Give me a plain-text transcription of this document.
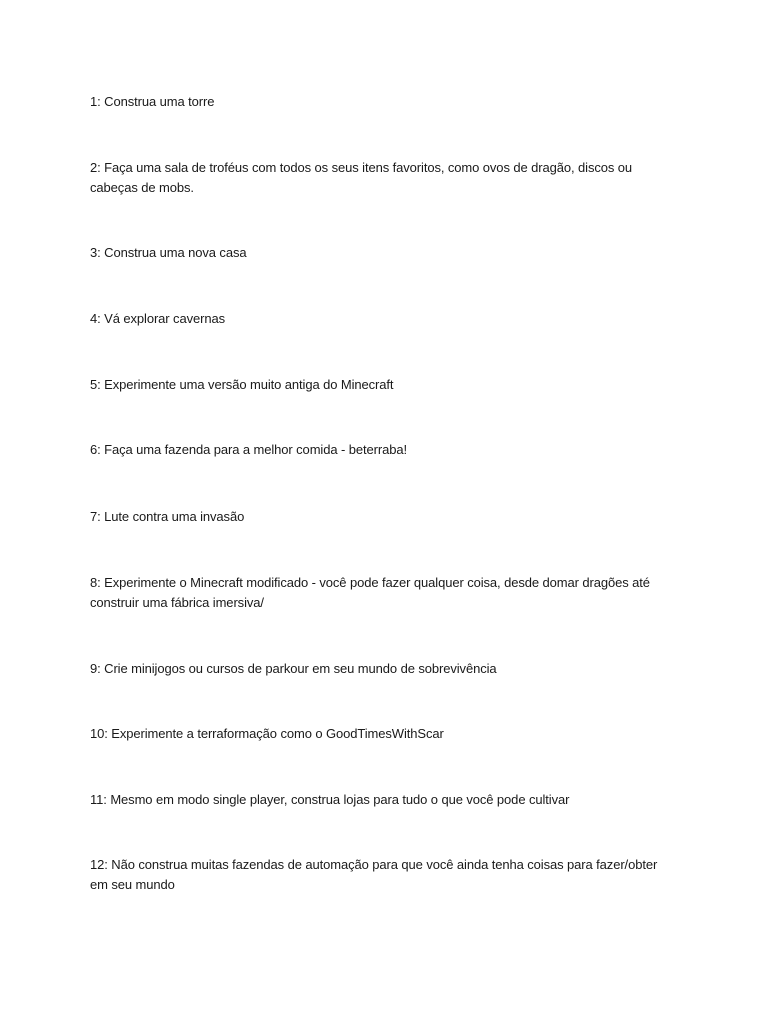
1: Construa uma torre

2: Faça uma sala de troféus com todos os seus itens favoritos, como ovos de dragão, discos ou cabeças de mobs.

3: Construa uma nova casa

4: Vá explorar cavernas

5: Experimente uma versão muito antiga do Minecraft

6: Faça uma fazenda para a melhor comida - beterraba!

7: Lute contra uma invasão

8: Experimente o Minecraft modificado - você pode fazer qualquer coisa, desde domar dragões até construir uma fábrica imersiva/

9: Crie minijogos ou cursos de parkour em seu mundo de sobrevivência

10: Experimente a terraformação como o GoodTimesWithScar

11: Mesmo em modo single player, construa lojas para tudo o que você pode cultivar

12: Não construa muitas fazendas de automação para que você ainda tenha coisas para fazer/obter em seu mundo
